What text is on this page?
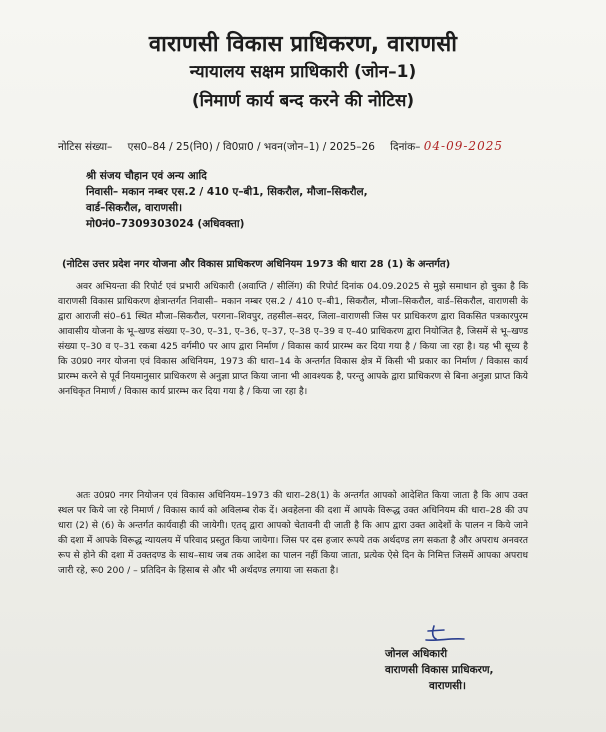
वाराणसी विकास प्राधिकरण, वाराणसी
न्यायालय सक्षम प्राधिकारी (जोन–1)
(निमार्ण कार्य बन्द करने की नोटिस)
नोटिस संख्या– एस0–84 / 25(नि0) / वि0प्रा0 / भवन(जोन–1) / 2025–26 दिनांक– 04-09-2025
श्री संजय चौहान एवं अन्य आदि
निवासी– मकान नम्बर एस.2 / 410 ए–बी1, सिकरौल, मौजा–सिकरौल,
वार्ड–सिकरौल, वाराणसी।
मो0नं0–7309303024 (अधिवक्ता)
(नोटिस उत्तर प्रदेश नगर योजना और विकास प्राधिकरण अधिनियम 1973 की धारा 28 (1) के अन्तर्गत)

अवर अभियन्ता की रिपोर्ट एवं प्रभारी अधिकारी (अवाप्ति / सीलिंग) की रिपोर्ट दिनांक 04.09.2025 से मुझे समाधान हो चुका है कि वाराणसी विकास प्राधिकरण क्षेत्रान्तर्गत निवासी– मकान नम्बर एस.2 / 410 ए–बी1, सिकरौल, मौजा–सिकरौल, वार्ड–सिकरौल, वाराणसी के द्वारा आराजी सं0–61 स्थित मौजा–सिकरौल, परगना–शिवपुर, तहसील–सदर, जिला–वाराणसी जिस पर प्राधिकरण द्वारा विकसित पत्रकारपुरम आवासीय योजना के भू–खण्ड संख्या ए–30, ए–31, ए–36, ए–37, ए–38 ए–39 व ए–40 प्राधिकरण द्वारा नियोजित है, जिसमें से भू–खण्ड संख्या ए–30 व ए–31 रकबा 425 वर्गमी0 पर आप द्वारा निर्माण / विकास कार्य प्रारम्भ कर दिया गया है / किया जा रहा है। यह भी सूच्य है कि उ0प्र0 नगर योजना एवं विकास अधिनियम, 1973 की धारा–14 के अन्तर्गत विकास क्षेत्र में किसी भी प्रकार का निर्माण / विकास कार्य प्रारम्भ करने से पूर्व नियमानुसार प्राधिकरण से अनुज्ञा प्राप्त किया जाना भी आवश्यक है, परन्तु आपके द्वारा प्राधिकरण से बिना अनुज्ञा प्राप्त किये अनधिकृत निमार्ण / विकास कार्य प्रारम्भ कर दिया गया है / किया जा रहा है।

अतः उ0प्र0 नगर नियोजन एवं विकास अधिनियम–1973 की धारा–28(1) के अन्तर्गत आपको आदेशित किया जाता है कि आप उक्त स्थल पर किये जा रहे निमार्ण / विकास कार्य को अविलम्ब रोक दें। अवहेलना की दशा में आपके विरूद्ध उक्त अधिनियम की धारा–28 की उप धारा (2) से (6) के अन्तर्गत कार्यवाही की जायेगी। एतद् द्वारा आपको चेतावनी दी जाती है कि आप द्वारा उक्त आदेशों के पालन न किये जाने की दशा में आपके विरूद्ध न्यायलय में परिवाद प्रस्तुत किया जायेगा। जिस पर दस हजार रूपये तक अर्थदण्ड लग सकता है और अपराध अनवरत रूप से होने की दशा में उक्तदण्ड के साथ–साथ जब तक आदेश का पालन नहीं किया जाता, प्रत्येक ऐसे दिन के निमित्त जिसमें आपका अपराध जारी रहे, रू0 200 / – प्रतिदिन के हिसाब से और भी अर्थदण्ड लगाया जा सकता है।

जोनल अधिकारी
वाराणसी विकास प्राधिकरण,
वाराणसी।
